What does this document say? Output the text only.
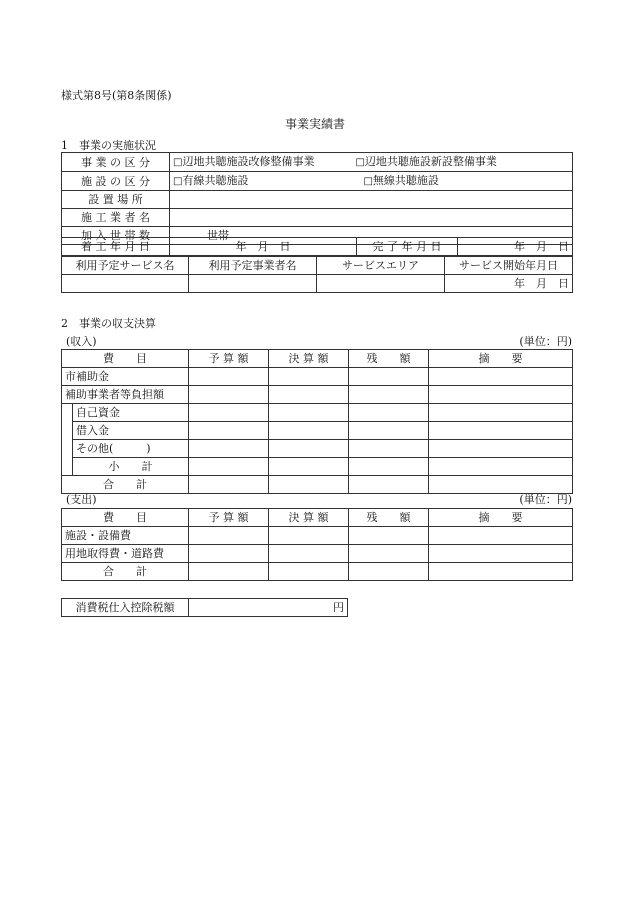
様式第8号(第8条関係)
事業実績書
1　事業の実施状況
事 業 の 区 分	□辺地共聴施設改修整備事業 □辺地共聴施設新設整備事業
施 設 の 区 分	□有線共聴施設 □無線共聴施設
設 置 場 所	
施 工 業 者 名	
加 入 世 帯 数	世帯
着 工 年 月 日	年　月　日	完 了 年 月 日	年　月　日
利用予定サービス名	利用予定事業者名	サービスエリア	サービス開始年月日
			年　月　日
2　事業の収支決算
(収入)	(単位：円)
費　　目		予 算 額	決 算 額	残　　額	摘　　要
市補助金					
補助事業者等負担額					
	自己資金				
	借入金				
	その他(　　　)				
	小　　計				
合　　計					
(支出)	(単位：円)
費　　目	予 算 額	決 算 額	残　　額	摘　　要
施設・設備費				
用地取得費・道路費				
合　　計				
消費税仕入控除税額	円
